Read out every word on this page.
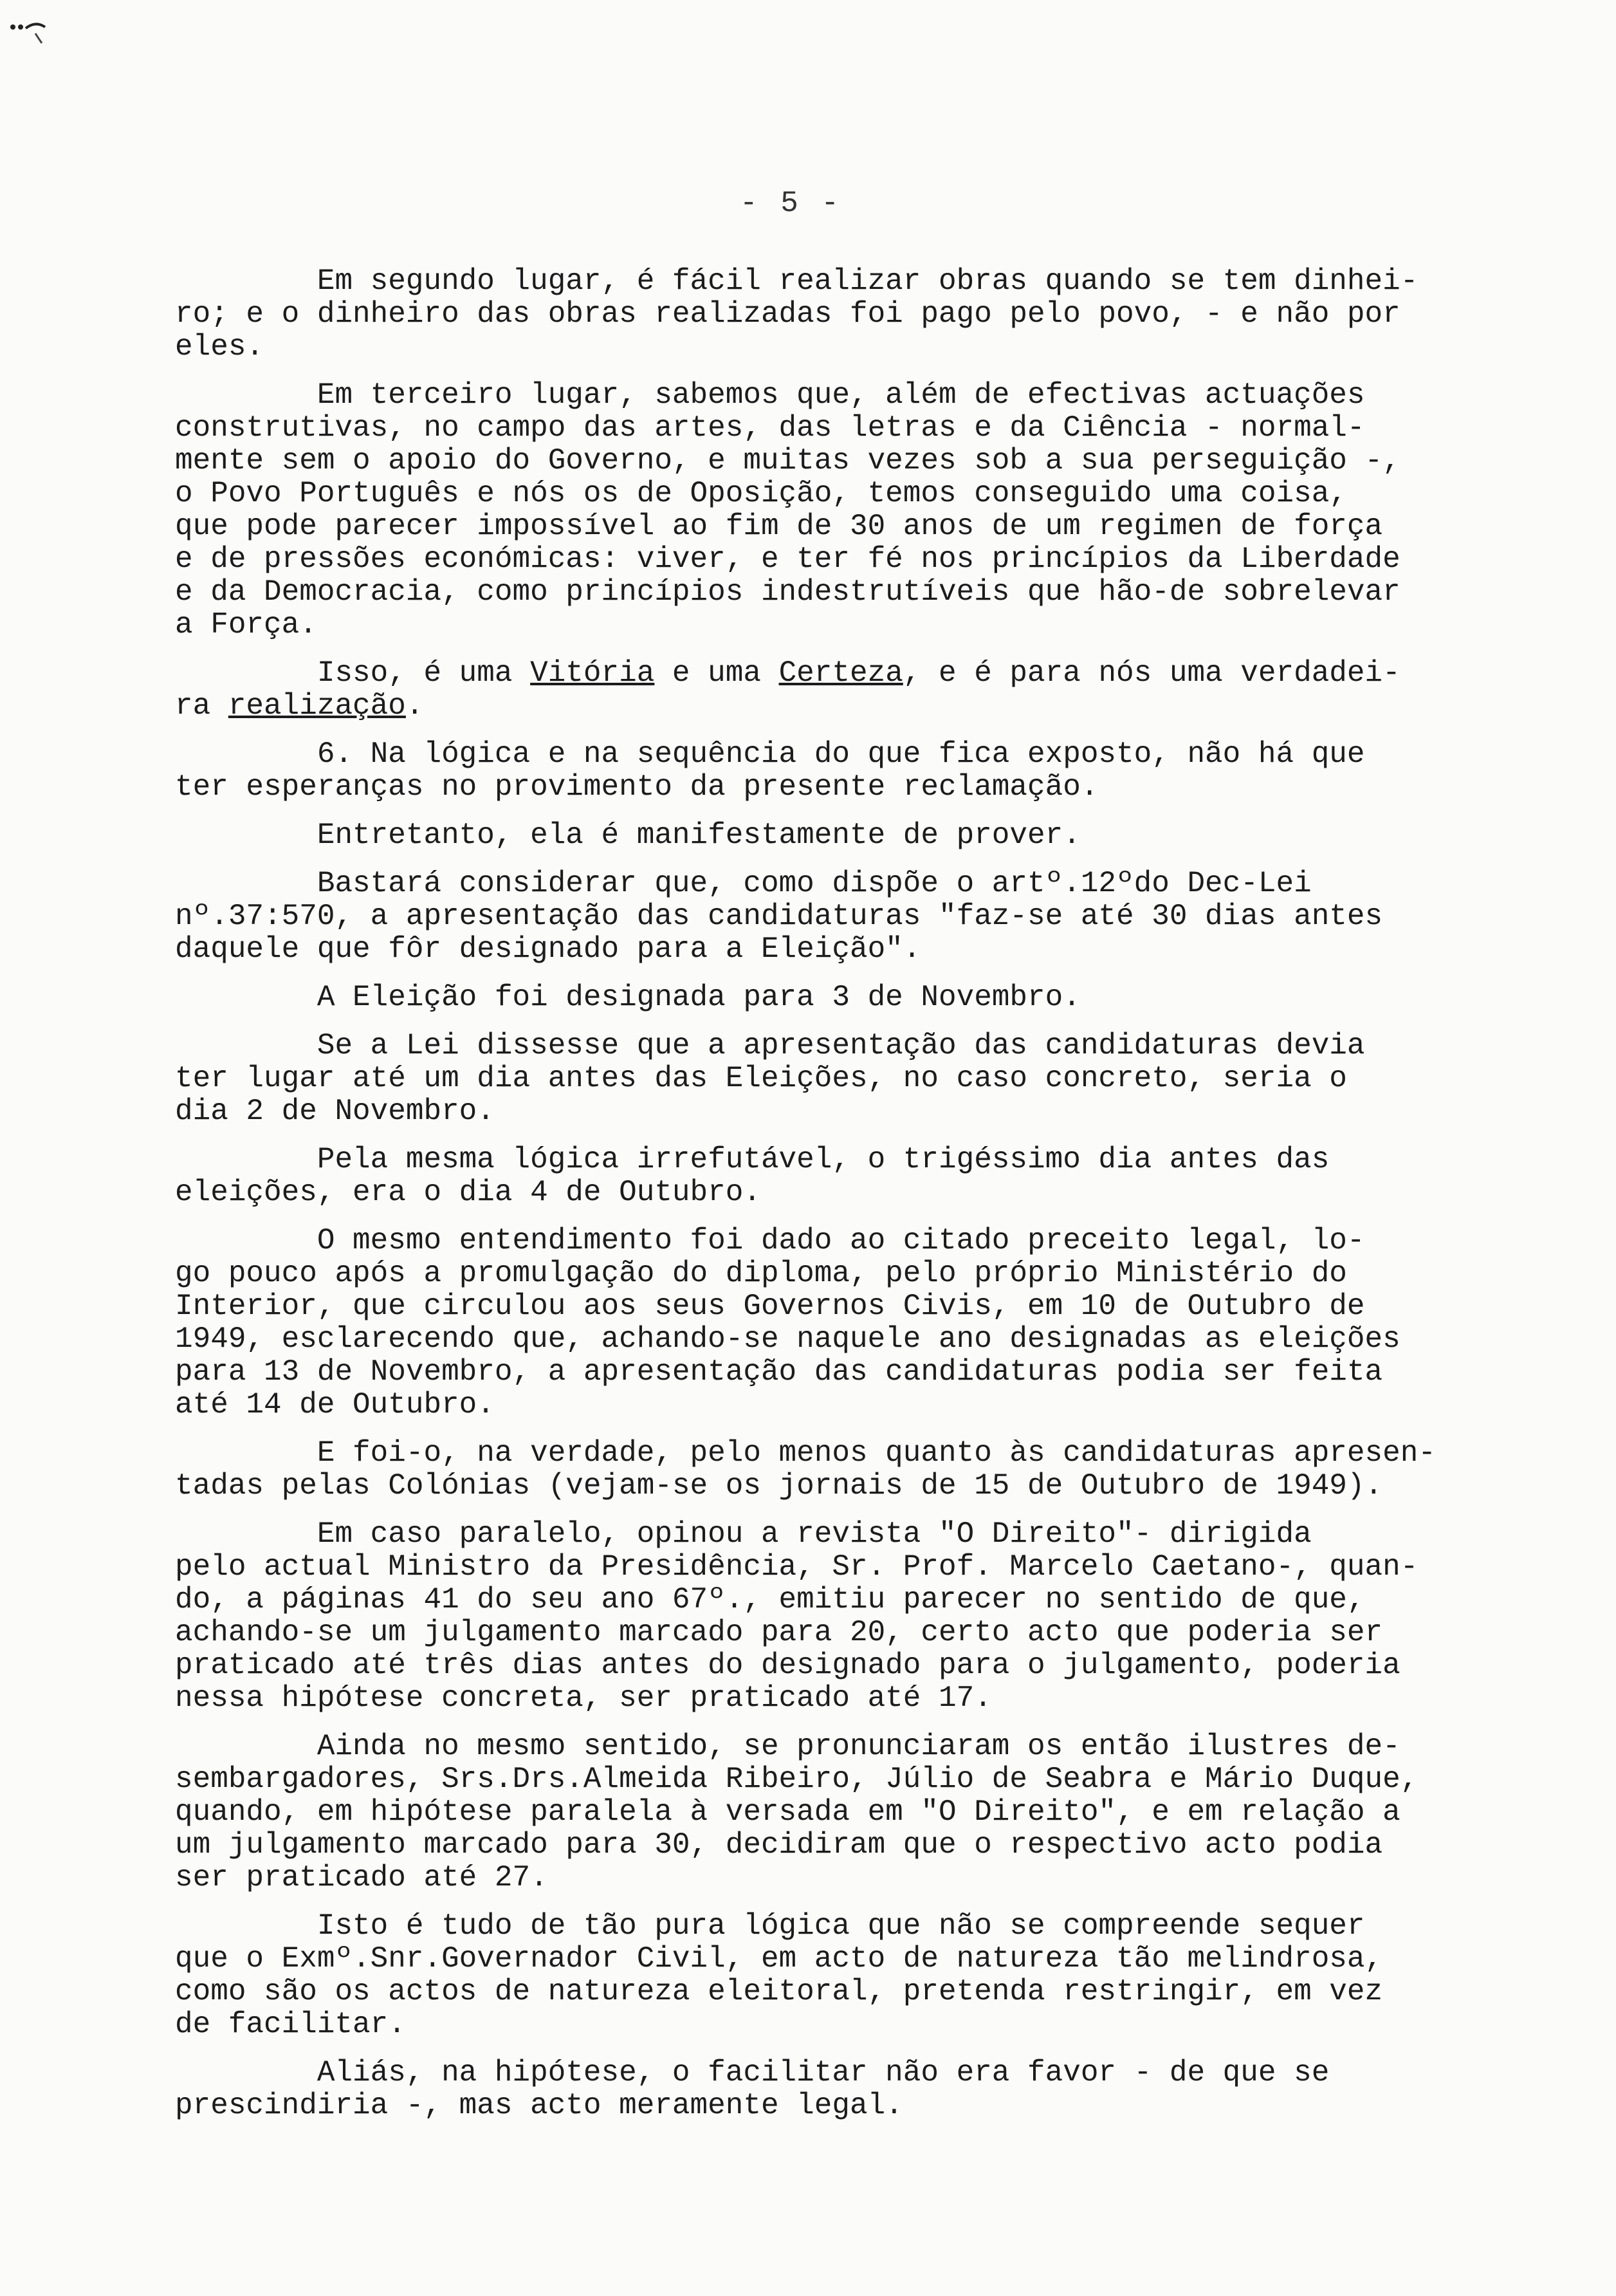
- 5 -
Em segundo lugar, é fácil realizar obras quando se tem dinhei-
ro; e o dinheiro das obras realizadas foi pago pelo povo, - e não por
eles.
Em terceiro lugar, sabemos que, além de efectivas actuações
construtivas, no campo das artes, das letras e da Ciência - normal-
mente sem o apoio do Governo, e muitas vezes sob a sua perseguição -,
o Povo Português e nós os de Oposição, temos conseguido uma coisa,
que pode parecer impossível ao fim de 30 anos de um regimen de força
e de pressões económicas: viver, e ter fé nos princípios da Liberdade
e da Democracia, como princípios indestrutíveis que hão-de sobrelevar
a Força.
Isso, é uma Vitória e uma Certeza, e é para nós uma verdadei-
ra realização.
6. Na lógica e na sequência do que fica exposto, não há que
ter esperanças no provimento da presente reclamação.
Entretanto, ela é manifestamente de prover.
Bastará considerar que, como dispõe o artº.12ºdo Dec-Lei
nº.37:570, a apresentação das candidaturas "faz-se até 30 dias antes
daquele que fôr designado para a Eleição".
A Eleição foi designada para 3 de Novembro.
Se a Lei dissesse que a apresentação das candidaturas devia
ter lugar até um dia antes das Eleições, no caso concreto, seria o
dia 2 de Novembro.
Pela mesma lógica irrefutável, o trigéssimo dia antes das
eleições, era o dia 4 de Outubro.
O mesmo entendimento foi dado ao citado preceito legal, lo-
go pouco após a promulgação do diploma, pelo próprio Ministério do
Interior, que circulou aos seus Governos Civis, em 10 de Outubro de
1949, esclarecendo que, achando-se naquele ano designadas as eleições
para 13 de Novembro, a apresentação das candidaturas podia ser feita
até 14 de Outubro.
E foi-o, na verdade, pelo menos quanto às candidaturas apresen-
tadas pelas Colónias (vejam-se os jornais de 15 de Outubro de 1949).
Em caso paralelo, opinou a revista "O Direito"- dirigida
pelo actual Ministro da Presidência, Sr. Prof. Marcelo Caetano-, quan-
do, a páginas 41 do seu ano 67º., emitiu parecer no sentido de que,
achando-se um julgamento marcado para 20, certo acto que poderia ser
praticado até três dias antes do designado para o julgamento, poderia
nessa hipótese concreta, ser praticado até 17.
Ainda no mesmo sentido, se pronunciaram os então ilustres de-
sembargadores, Srs.Drs.Almeida Ribeiro, Júlio de Seabra e Mário Duque,
quando, em hipótese paralela à versada em "O Direito", e em relação a
um julgamento marcado para 30, decidiram que o respectivo acto podia
ser praticado até 27.
Isto é tudo de tão pura lógica que não se compreende sequer
que o Exmº.Snr.Governador Civil, em acto de natureza tão melindrosa,
como são os actos de natureza eleitoral, pretenda restringir, em vez
de facilitar.
Aliás, na hipótese, o facilitar não era favor - de que se
prescindiria -, mas acto meramente legal.
